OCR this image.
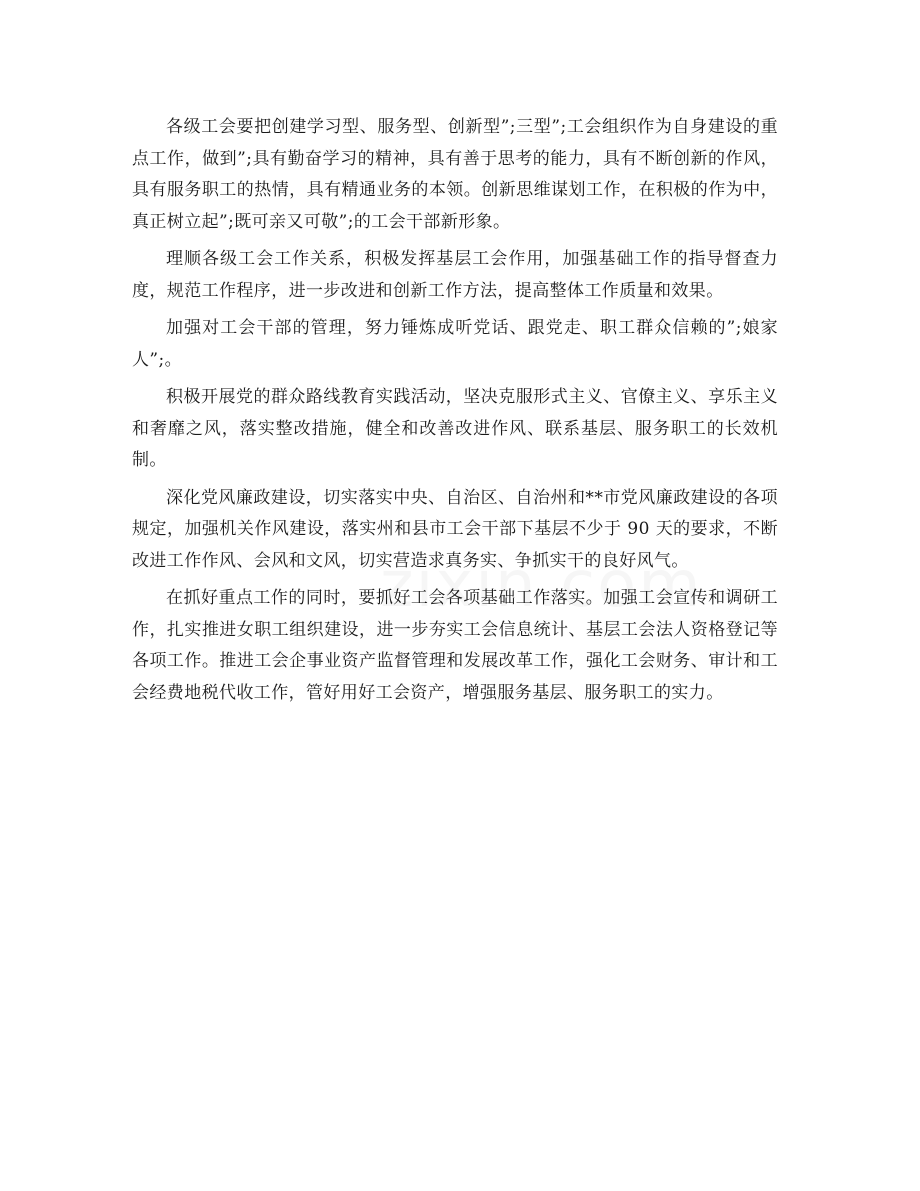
各级工会要把创建学习型、服务型、创新型”;三型”;工会组织作为自身建设的重点工作，做到”;具有勤奋学习的精神，具有善于思考的能力，具有不断创新的作风，具有服务职工的热情，具有精通业务的本领。创新思维谋划工作，在积极的作为中，真正树立起”;既可亲又可敬”;的工会干部新形象。

理顺各级工会工作关系，积极发挥基层工会作用，加强基础工作的指导督查力度，规范工作程序，进一步改进和创新工作方法，提高整体工作质量和效果。

加强对工会干部的管理，努力锤炼成听党话、跟党走、职工群众信赖的”;娘家人”;。

积极开展党的群众路线教育实践活动，坚决克服形式主义、官僚主义、享乐主义和奢靡之风，落实整改措施，健全和改善改进作风、联系基层、服务职工的长效机制。

深化党风廉政建设，切实落实中央、自治区、自治州和**市党风廉政建设的各项规定，加强机关作风建设，落实州和县市工会干部下基层不少于 90 天的要求，不断改进工作作风、会风和文风，切实营造求真务实、争抓实干的良好风气。

在抓好重点工作的同时，要抓好工会各项基础工作落实。加强工会宣传和调研工作，扎实推进女职工组织建设，进一步夯实工会信息统计、基层工会法人资格登记等各项工作。推进工会企事业资产监督管理和发展改革工作，强化工会财务、审计和工会经费地税代收工作，管好用好工会资产，增强服务基层、服务职工的实力。
